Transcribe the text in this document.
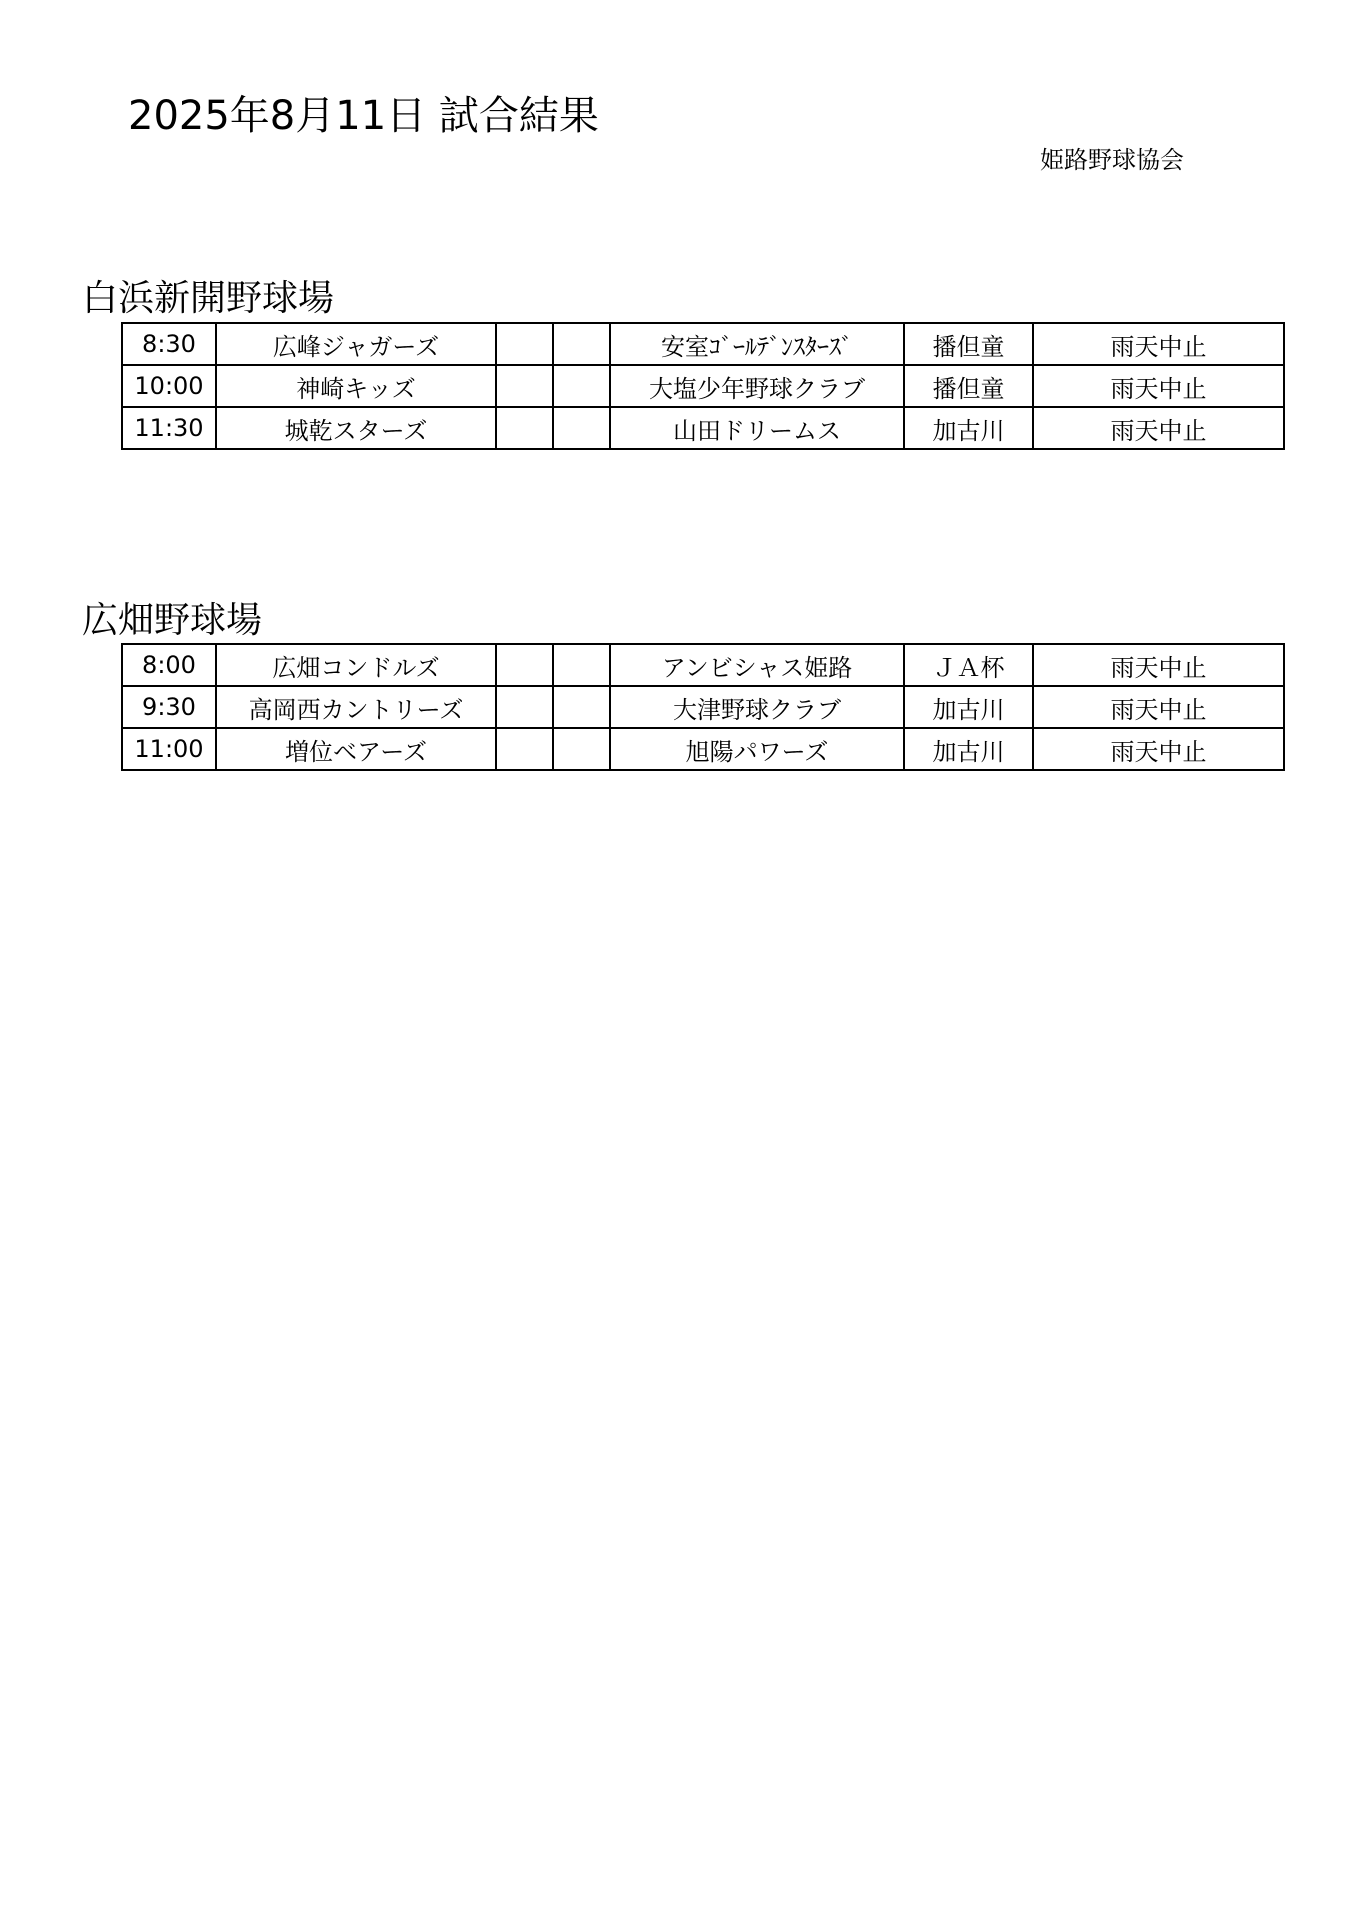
2025年8月11日 試合結果
姫路野球協会
白浜新開野球場
8:30	広峰ジャガーズ			安室ｺﾞｰﾙﾃﾞﾝｽﾀｰｽﾞ	播但童	雨天中止
10:00	神崎キッズ			大塩少年野球クラブ	播但童	雨天中止
11:30	城乾スターズ			山田ドリームス	加古川	雨天中止
広畑野球場
8:00	広畑コンドルズ			アンビシャス姫路	ＪＡ杯	雨天中止
9:30	高岡西カントリーズ			大津野球クラブ	加古川	雨天中止
11:00	増位ベアーズ			旭陽パワーズ	加古川	雨天中止
